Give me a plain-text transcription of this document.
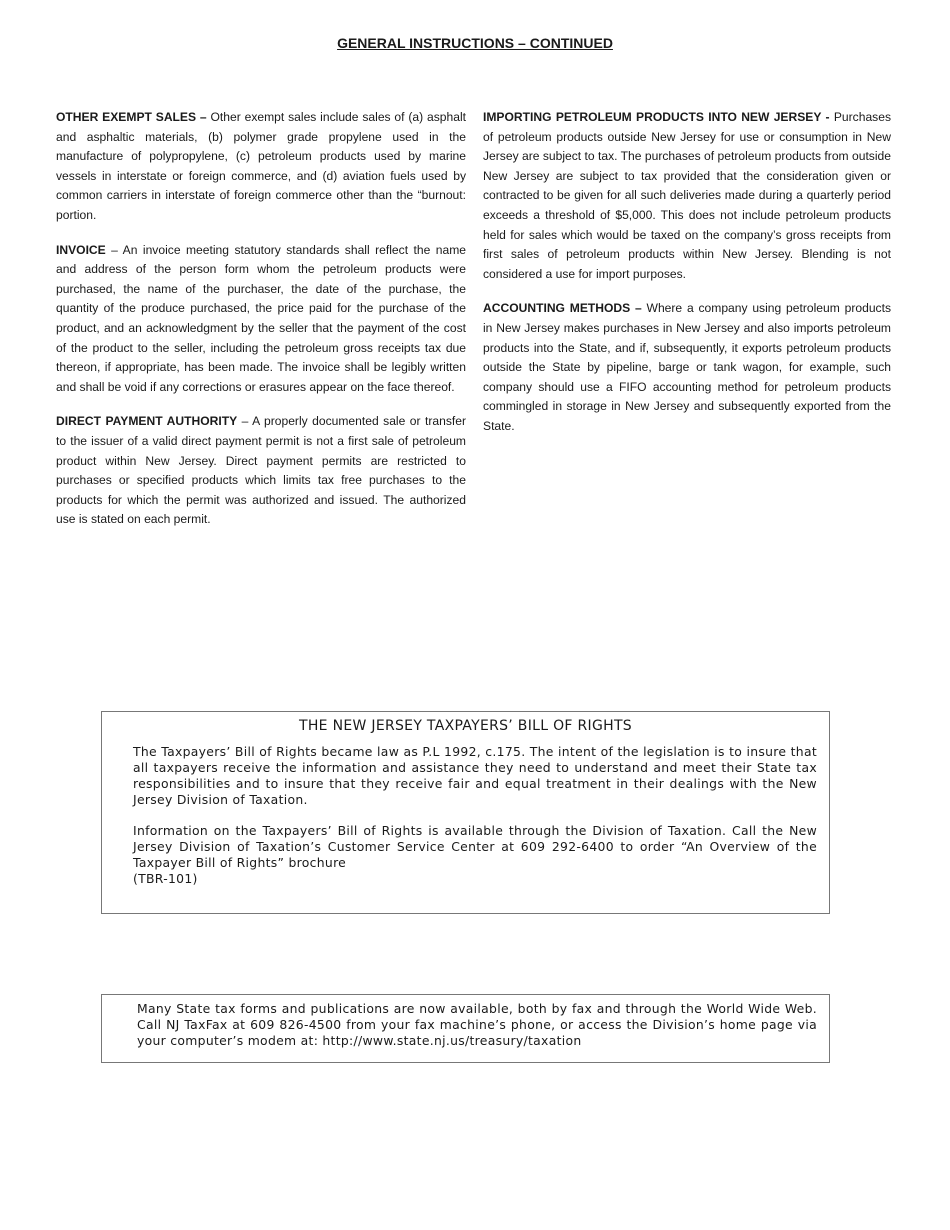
GENERAL INSTRUCTIONS – CONTINUED

OTHER EXEMPT SALES – Other exempt sales include sales of (a) asphalt and asphaltic materials, (b) polymer grade propylene used in the manufacture of polypropylene, (c) petroleum products used by marine vessels in interstate or foreign commerce, and (d) aviation fuels used by common carriers in interstate of foreign commerce other than the “burnout: portion.

INVOICE – An invoice meeting statutory standards shall reflect the name and address of the person form whom the petroleum products were purchased, the name of the purchaser, the date of the purchase, the quantity of the produce purchased, the price paid for the purchase of the product, and an acknowledgment by the seller that the payment of the cost of the product to the seller, including the petroleum gross receipts tax due thereon, if appropriate, has been made. The invoice shall be legibly written and shall be void if any corrections or erasures appear on the face thereof.

DIRECT PAYMENT AUTHORITY – A properly documented sale or transfer to the issuer of a valid direct payment permit is not a first sale of petroleum product within New Jersey. Direct payment permits are restricted to purchases or specified products which limits tax free purchases to the products for which the permit was authorized and issued. The authorized use is stated on each permit.

IMPORTING PETROLEUM PRODUCTS INTO NEW JERSEY - Purchases of petroleum products outside New Jersey for use or consumption in New Jersey are subject to tax. The purchases of petroleum products from outside New Jersey are subject to tax provided that the consideration given or contracted to be given for all such deliveries made during a quarterly period exceeds a threshold of $5,000. This does not include petroleum products held for sales which would be taxed on the company’s gross receipts from first sales of petroleum products within New Jersey. Blending is not considered a use for import purposes.

ACCOUNTING METHODS – Where a company using petroleum products in New Jersey makes purchases in New Jersey and also imports petroleum products into the State, and if, subsequently, it exports petroleum products outside the State by pipeline, barge or tank wagon, for example, such company should use a FIFO accounting method for petroleum products commingled in storage in New Jersey and subsequently exported from the State.

THE NEW JERSEY TAXPAYERS’ BILL OF RIGHTS
The Taxpayers’ Bill of Rights became law as P.L 1992, c.175. The intent of the legislation is to insure that all taxpayers receive the information and assistance they need to understand and meet their State tax responsibilities and to insure that they receive fair and equal treatment in their dealings with the New Jersey Division of Taxation.
Information on the Taxpayers’ Bill of Rights is available through the Division of Taxation. Call the New Jersey Division of Taxation’s Customer Service Center at 609 292-6400 to order “An Overview of the Taxpayer Bill of Rights” brochure
(TBR-101)
Many State tax forms and publications are now available, both by fax and through the World Wide Web. Call NJ TaxFax at 609 826-4500 from your fax machine’s phone, or access the Division’s home page via your computer’s modem at: http://www.state.nj.us/treasury/taxation
